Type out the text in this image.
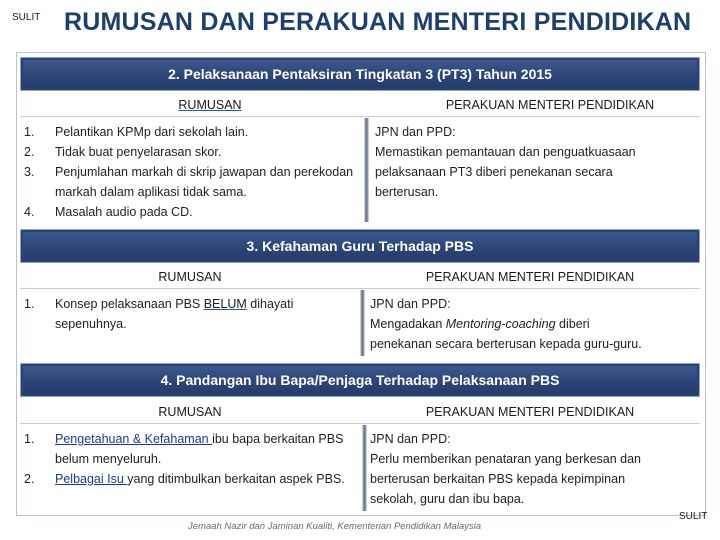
SULIT RUMUSAN DAN PERAKUAN MENTERI PENDIDIKAN
2. Pelaksanaan Pentaksiran Tingkatan 3 (PT3) Tahun 2015
RUMUSAN	PERAKUAN MENTERI PENDIDIKAN
1. Pelantikan KPMp dari sekolah lain.
2. Tidak buat penyelarasan skor.
3. Penjumlahan markah di skrip jawapan dan perekodan markah dalam aplikasi tidak sama.
4. Masalah audio pada CD.
JPN dan PPD:
Memastikan pemantauan dan penguatkuasaan
pelaksanaan PT3 diberi penekanan secara
berterusan.
3. Kefahaman Guru Terhadap PBS
RUMUSAN	PERAKUAN MENTERI PENDIDIKAN
1. Konsep pelaksanaan PBS BELUM dihayati sepenuhnya.
JPN dan PPD:
Mengadakan Mentoring-coaching diberi
penekanan secara berterusan kepada guru-guru.
4. Pandangan Ibu Bapa/Penjaga Terhadap Pelaksanaan PBS
RUMUSAN	PERAKUAN MENTERI PENDIDIKAN
1. Pengetahuan & Kefahaman ibu bapa berkaitan PBS belum menyeluruh.
2. Pelbagai Isu yang ditimbulkan berkaitan aspek PBS.
JPN dan PPD:
Perlu memberikan penataran yang berkesan dan
berterusan berkaitan PBS kepada kepimpinan
sekolah, guru dan ibu bapa.
Jemaah Nazir dan Jaminan Kualiti, Kementerian Pendidikan Malaysia
SULIT
